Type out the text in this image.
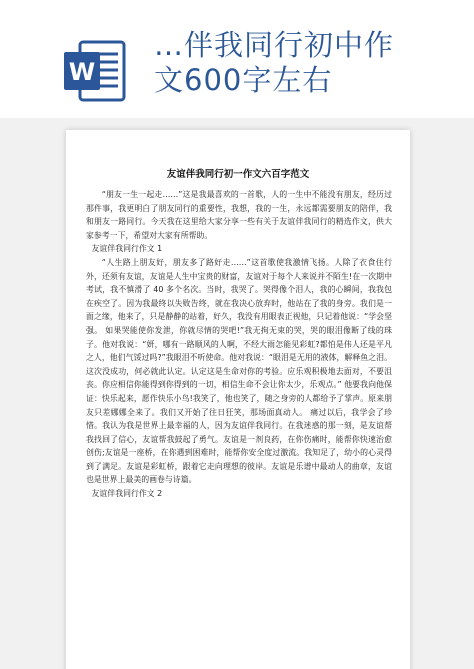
W
…伴我同行初中作
文600字左右
友谊伴我同行初一作文六百字范文

“朋友一生一起走……”这是我最喜欢的一首歌，人的一生中不能没有朋友，经历过那件事，我更明白了朋友同行的重要性，我想，我的一生，永远都需要朋友的陪伴，我和朋友一路同行。今天我在这里给大家分享一些有关于友谊伴我同行的精选作文，供大家参考一下，希望对大家有所帮助。

友谊伴我同行作文 1

“人生路上朋友好，朋友多了路好走……”这首歌使我激情飞扬。人除了衣食住行外，还须有友谊，友谊是人生中宝贵的财富，友谊对于每个人来说并不陌生!在一次期中考试，我不慎滑了 40 多个名次。当时，我哭了。哭得像个泪人，我的心瞬间，我我包在疾空了。因为我最终以失败告终，就在我决心放弃时，他站在了我的身旁。我们是一面之缘，他来了，只是静静的站着，好久，我没有用眼表正视他，只记着他说：“学会坚强。 如果哭能使你发泄，你就尽情的哭吧!”我无拘无束的哭，哭的眼泪像断了线的珠子。他对我说：“妍，哪有一路顺风的人啊，不经大雨怎能见彩虹?都怕是伟人还是平凡之人，他们气馁过吗?”我眼泪不听使命。他对我说：“眼泪是无用的液体，解释鱼之泪。这次没成功，何必就此认定。认定这是生命对你的考验。应乐观积极地去面对，不要沮丧。你应相信你能得到你得到的一切，相信生命不会让你太少，乐观点。” 他要我向他保证：快乐起来，愿作快乐小鸟!我笑了，他也笑了，随之身旁的人都给予了掌声。原来朋友只差娜娜全来了。我们又开始了往日狂笑，那场面真动人。 痛过以后，我学会了珍惜。我认为我是世界上最幸福的人，因为友谊伴我同行。在我迷惑的那一刻，是友谊帮我找回了信心，友谊帮我鼓起了勇气。友谊是一剂良药，在你伤痛时，能帮你快速治愈创伤;友谊是一座桥，在你遇到困难时，能帮你安全度过激流。我知足了，幼小的心灵得到了满足。友谊是彩虹桥，跟着它走向理想的彼岸。友谊是乐谱中最动人的曲章，友谊也是世界上最美的画卷与诗篇。

友谊伴我同行作文 2
